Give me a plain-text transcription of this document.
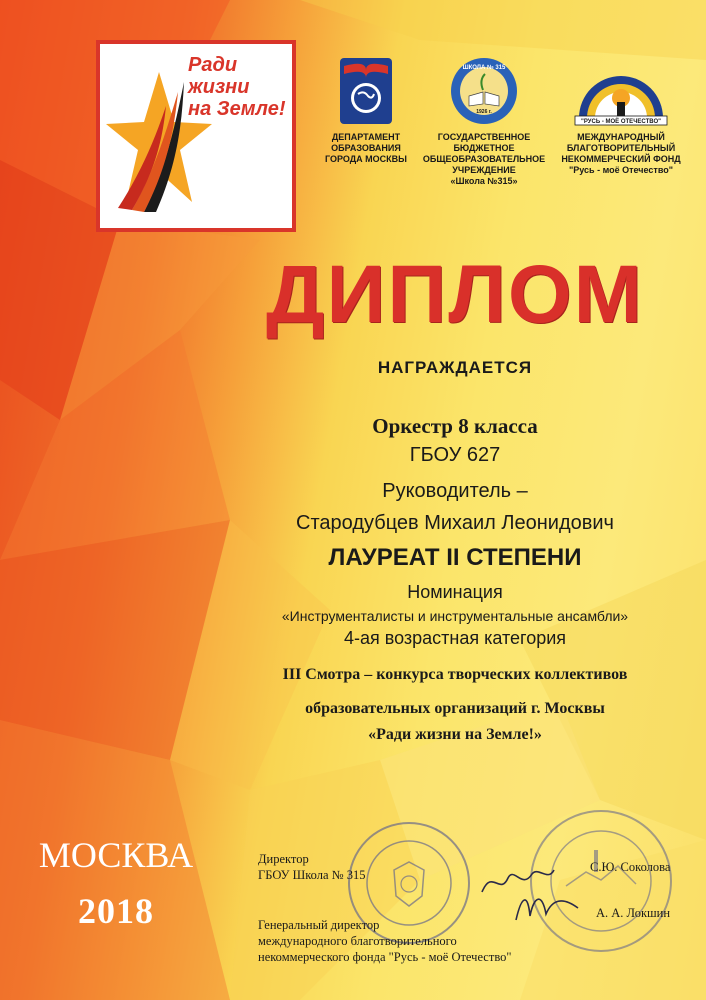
Ради
жизни
на Земле!
ДЕПАРТАМЕНТ
ОБРАЗОВАНИЯ
ГОРОДА МОСКВЫ
ШКОЛА № 315
1926 г.
ГОСУДАРСТВЕННОЕ
БЮДЖЕТНОЕ
ОБЩЕОБРАЗОВАТЕЛЬНОЕ
УЧРЕЖДЕНИЕ
«Школа №315»
"РУСЬ - МОЁ ОТЕЧЕСТВО"
МЕЖДУНАРОДНЫЙ
БЛАГОТВОРИТЕЛЬНЫЙ
НЕКОММЕРЧЕСКИЙ ФОНД
"Русь - моё Отечество"
ДИПЛОМ
НАГРАЖДАЕТСЯ
Оркестр 8 класса
ГБОУ 627
Руководитель –
Стародубцев Михаил Леонидович
ЛАУРЕАТ II СТЕПЕНИ
Номинация
«Инструменталисты и инструментальные ансамбли»
4-ая возрастная категория
III Смотра – конкурса творческих коллективов
образовательных организаций г. Москвы
«Ради жизни на Земле!»
МОСКВА
2018
Директор
ГБОУ Школа № 315
С.Ю. Соколова
Генеральный директор
международного благотворительного
некоммерческого фонда "Русь - моё Отечество"
А. А. Локшин
